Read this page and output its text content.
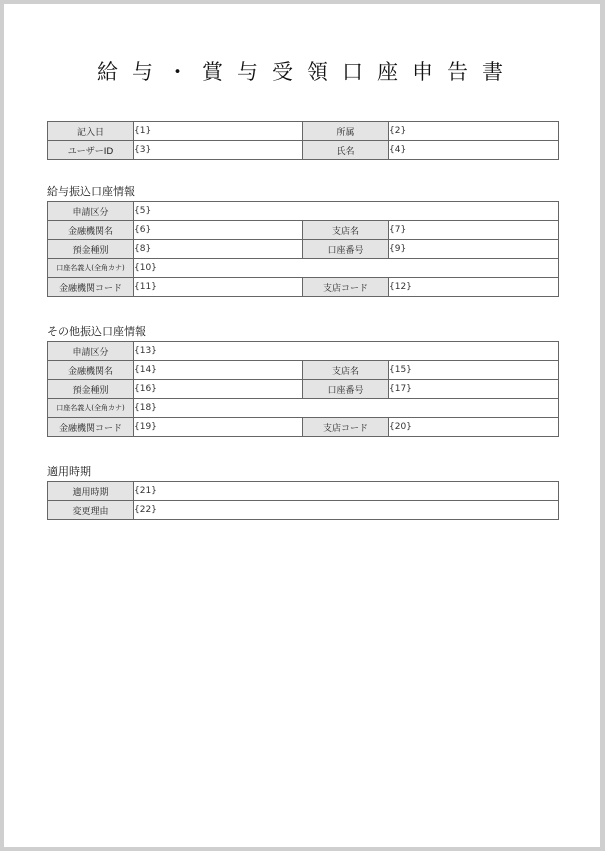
給与・賞与受領口座申告書
記入日	{1}	所属	{2}
ユーザーID	{3}	氏名	{4}
給与振込口座情報
申請区分	{5}		
金融機関名	{6}	支店名	{7}
預金種別	{8}	口座番号	{9}
口座名義人(全角カナ)	{10}		
金融機関コード	{11}	支店コード	{12}
その他振込口座情報
申請区分	{13}		
金融機関名	{14}	支店名	{15}
預金種別	{16}	口座番号	{17}
口座名義人(全角カナ)	{18}		
金融機関コード	{19}	支店コード	{20}
適用時期
適用時期	{21}
変更理由	{22}
